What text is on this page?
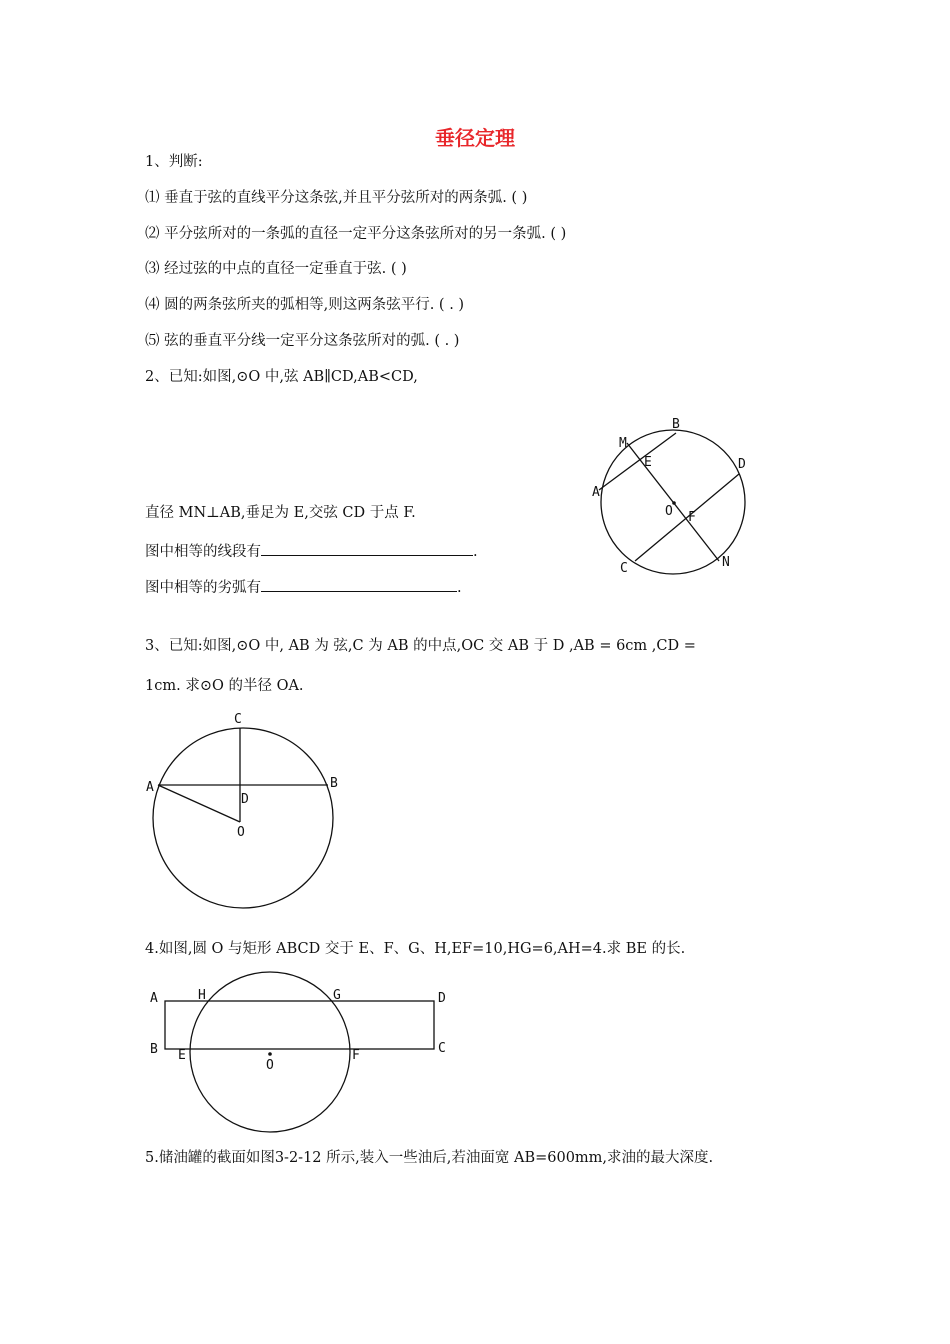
垂径定理
1、判断:
⑴ 垂直于弦的直线平分这条弦,并且平分弦所对的两条弧. ( )
⑵ 平分弦所对的一条弧的直径一定平分这条弦所对的另一条弧. ( )
⑶ 经过弦的中点的直径一定垂直于弦. ( )
⑷ 圆的两条弦所夹的弧相等,则这两条弦平行. ( . )
⑸ 弦的垂直平分线一定平分这条弦所对的弧. ( . )
2、已知:如图,⊙O 中,弦 AB∥CD,AB<CD,
直径 MN⊥AB,垂足为 E,交弦 CD 于点 F.
图中相等的线段有	.
图中相等的劣弧有	.
B
M
E	D
A
O F
C	N
3、已知:如图,⊙O 中, AB 为 弦,C 为 AB 的中点,OC 交 AB 于 D ,AB = 6cm ,CD =
1cm. 求⊙O 的半径 OA.
C
A	B
D
O
4.如图,圆 O 与矩形 ABCD 交于 E、F、G、H,EF=10,HG=6,AH=4.求 BE 的长.
A	H	G	D
B E
O
F	C
5.储油罐的截面如图3-2-12 所示,装入一些油后,若油面宽 AB=600mm,求油的最大深度.
